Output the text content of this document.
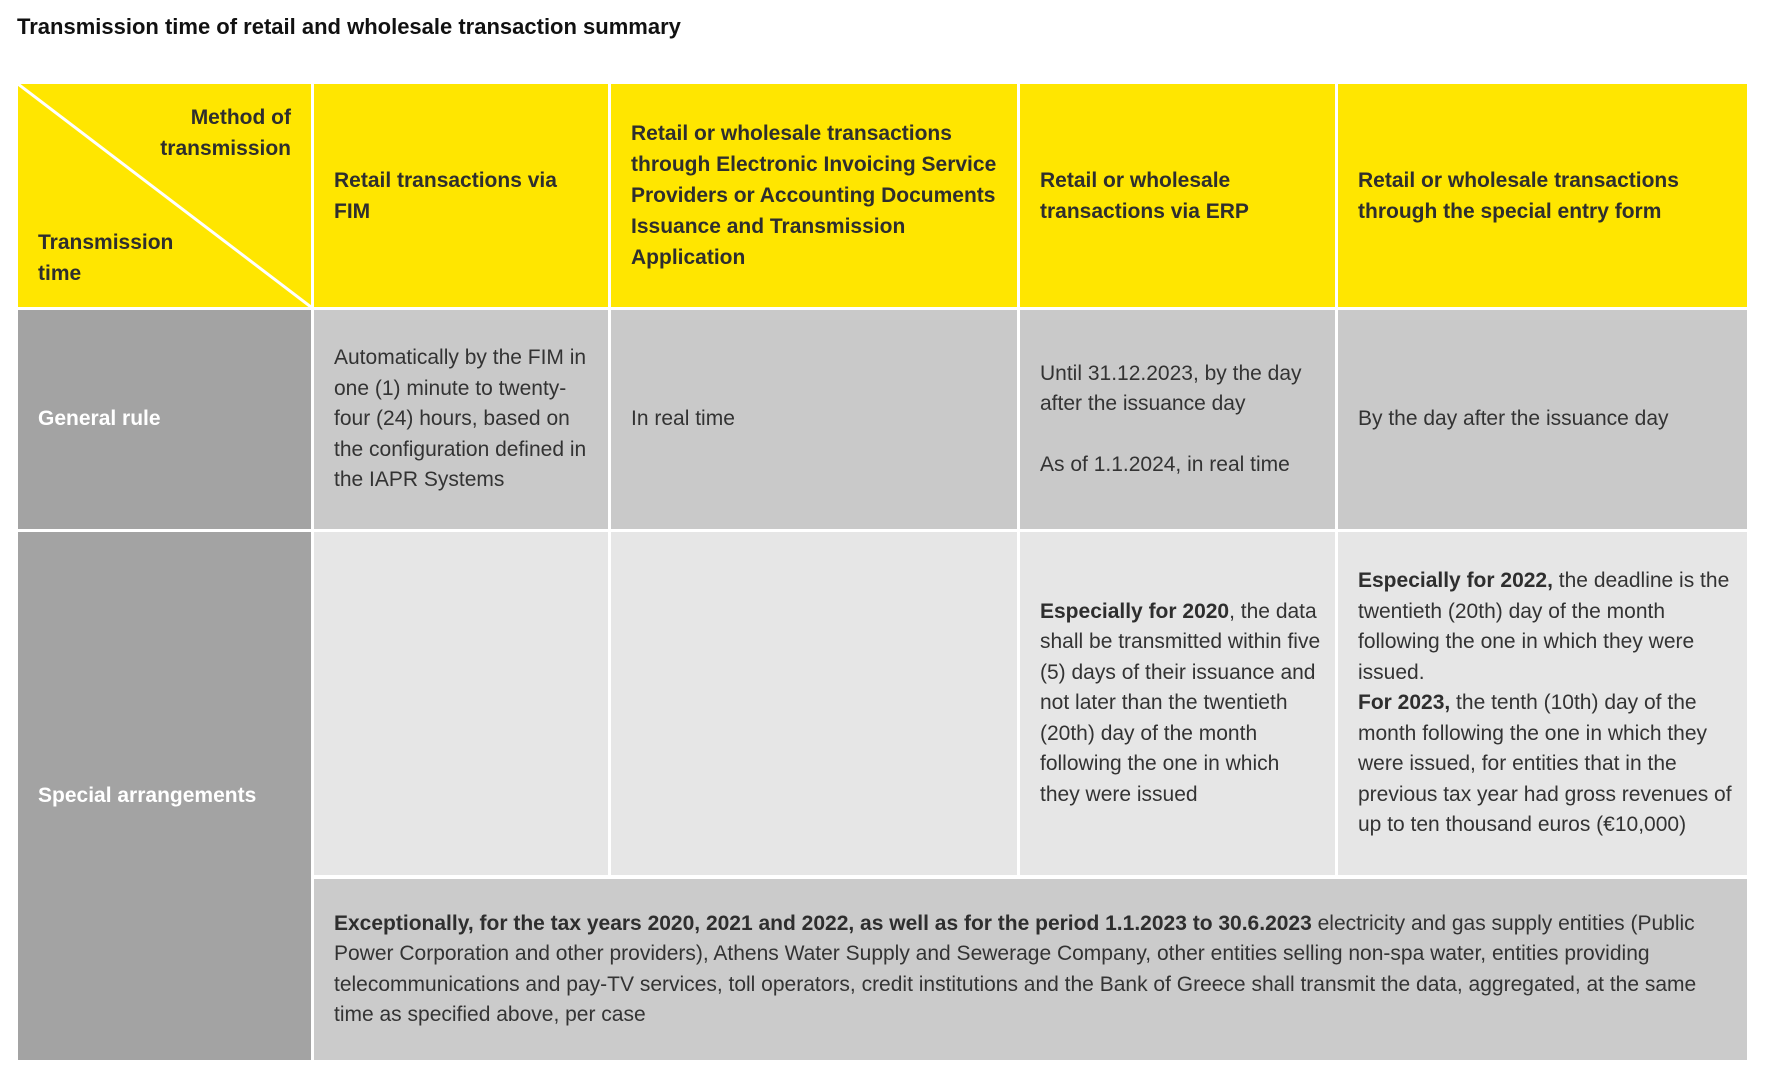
Transmission time of retail and wholesale transaction summary
Method of transmission
Transmission time
Retail transactions via FIM
Retail or wholesale transactions through Electronic Invoicing Service Providers or Accounting Documents Issuance and Transmission Application
Retail or wholesale transactions via ERP
Retail or wholesale transactions through the special entry form
General rule
Automatically by the FIM in one (1) minute to twenty-four (24) hours, based on the configuration defined in the IAPR Systems
In real time
Until 31.12.2023, by the day after the issuance day
As of 1.1.2024, in real time
By the day after the issuance day
Special arrangements
Especially for 2020, the data shall be transmitted within five (5) days of their issuance and not later than the twentieth (20th) day of the month following the one in which they were issued
Especially for 2022, the deadline is the twentieth (20th) day of the month following the one in which they were issued.
For 2023, the tenth (10th) day of the month following the one in which they were issued, for entities that in the previous tax year had gross revenues of up to ten thousand euros (€10,000)
Exceptionally, for the tax years 2020, 2021 and 2022, as well as for the period 1.1.2023 to 30.6.2023 electricity and gas supply entities (Public Power Corporation and other providers), Athens Water Supply and Sewerage Company, other entities selling non-spa water, entities providing telecommunications and pay-TV services, toll operators, credit institutions and the Bank of Greece shall transmit the data, aggregated, at the same time as specified above, per case
